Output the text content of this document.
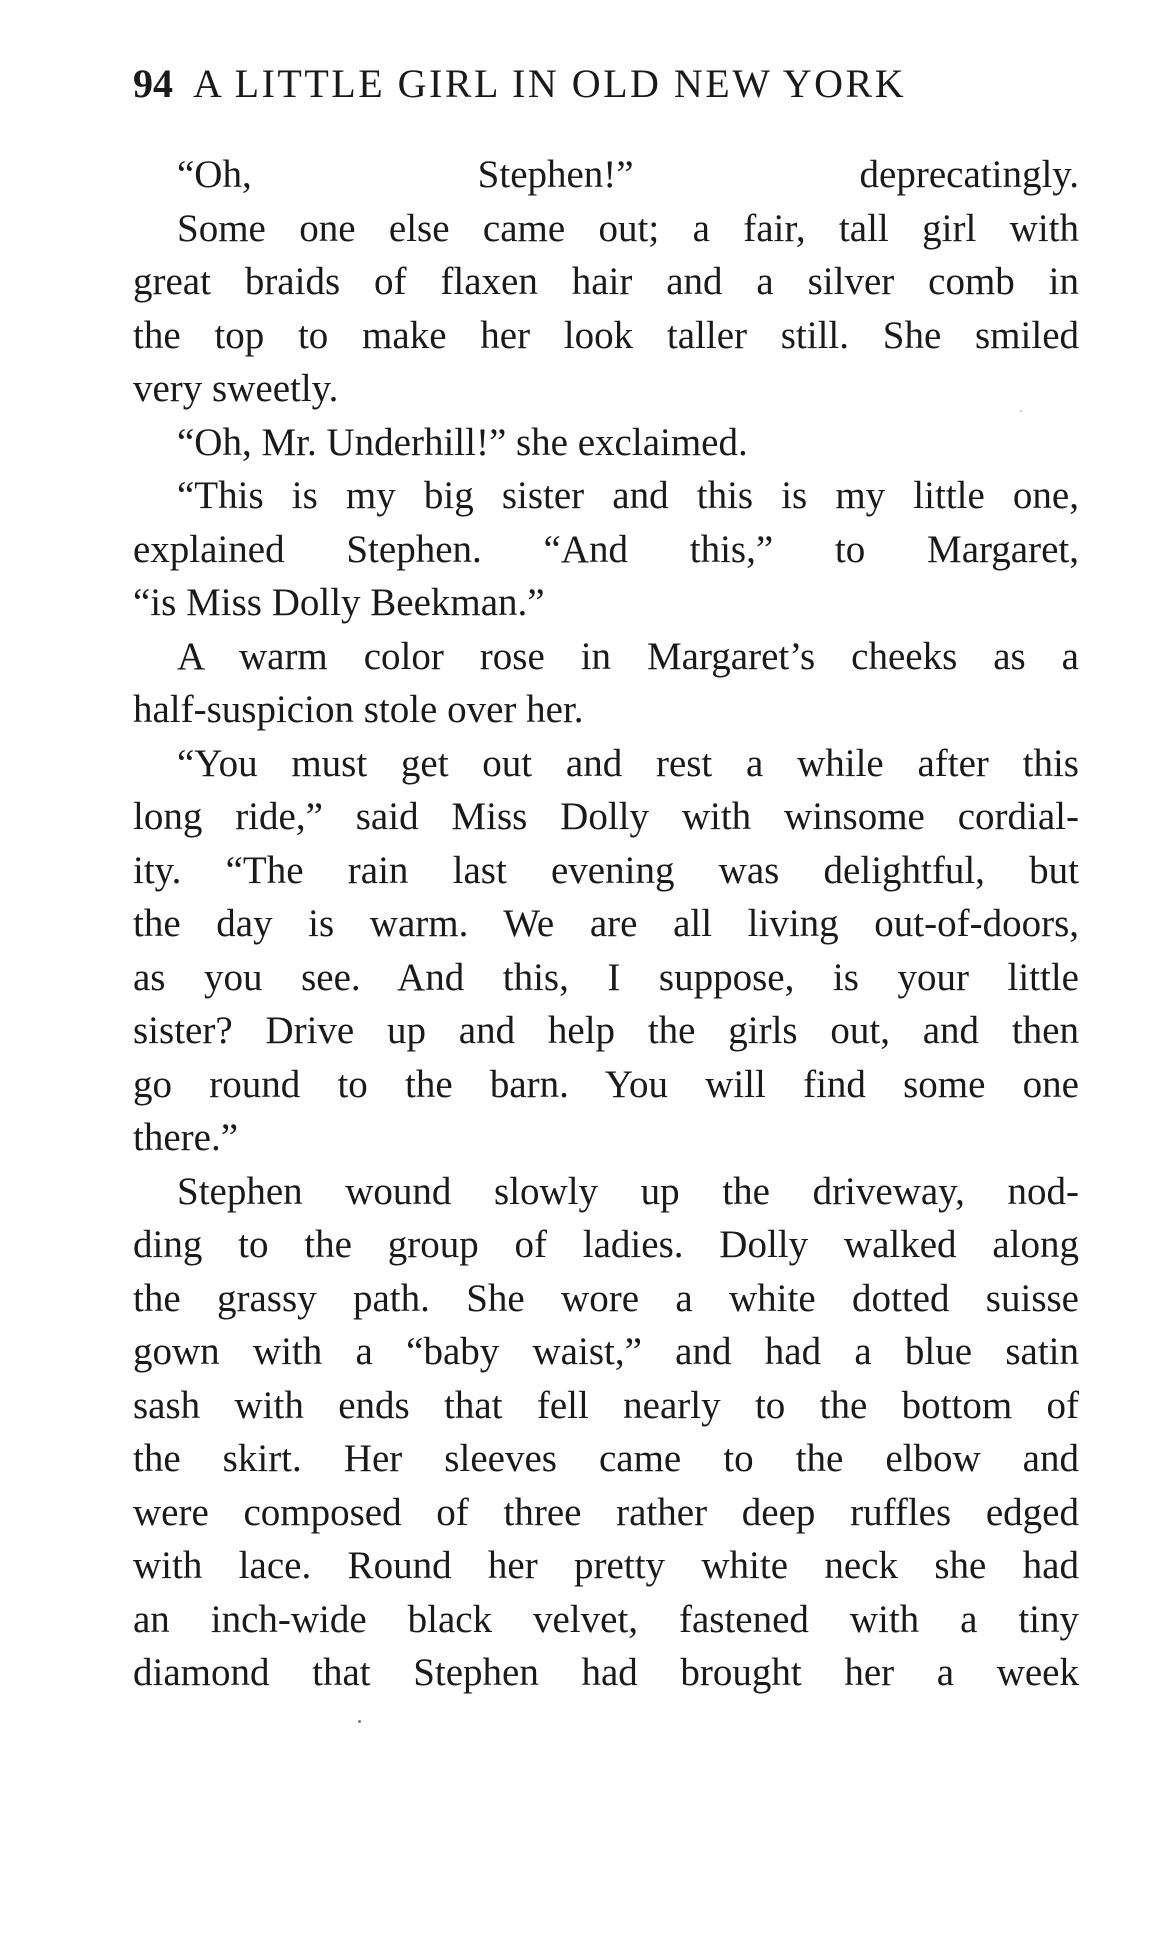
94 A LITTLE GIRL IN OLD NEW YORK
“Oh, Stephen!” deprecatingly.
Some one else came out; a fair, tall girl with
great braids of flaxen hair and a silver comb in
the top to make her look taller still. She smiled
very sweetly.
“Oh, Mr. Underhill!” she exclaimed.
“This is my big sister and this is my little one,
explained Stephen. “And this,” to Margaret,
“is Miss Dolly Beekman.”
A warm color rose in Margaret’s cheeks as a
half-suspicion stole over her.
“You must get out and rest a while after this
long ride,” said Miss Dolly with winsome cordial-
ity. “The rain last evening was delightful, but
the day is warm. We are all living out-of-doors,
as you see. And this, I suppose, is your little
sister? Drive up and help the girls out, and then
go round to the barn. You will find some one
there.”
Stephen wound slowly up the driveway, nod-
ding to the group of ladies. Dolly walked along
the grassy path. She wore a white dotted suisse
gown with a “baby waist,” and had a blue satin
sash with ends that fell nearly to the bottom of
the skirt. Her sleeves came to the elbow and
were composed of three rather deep ruffles edged
with lace. Round her pretty white neck she had
an inch-wide black velvet, fastened with a tiny
diamond that Stephen had brought her a week
